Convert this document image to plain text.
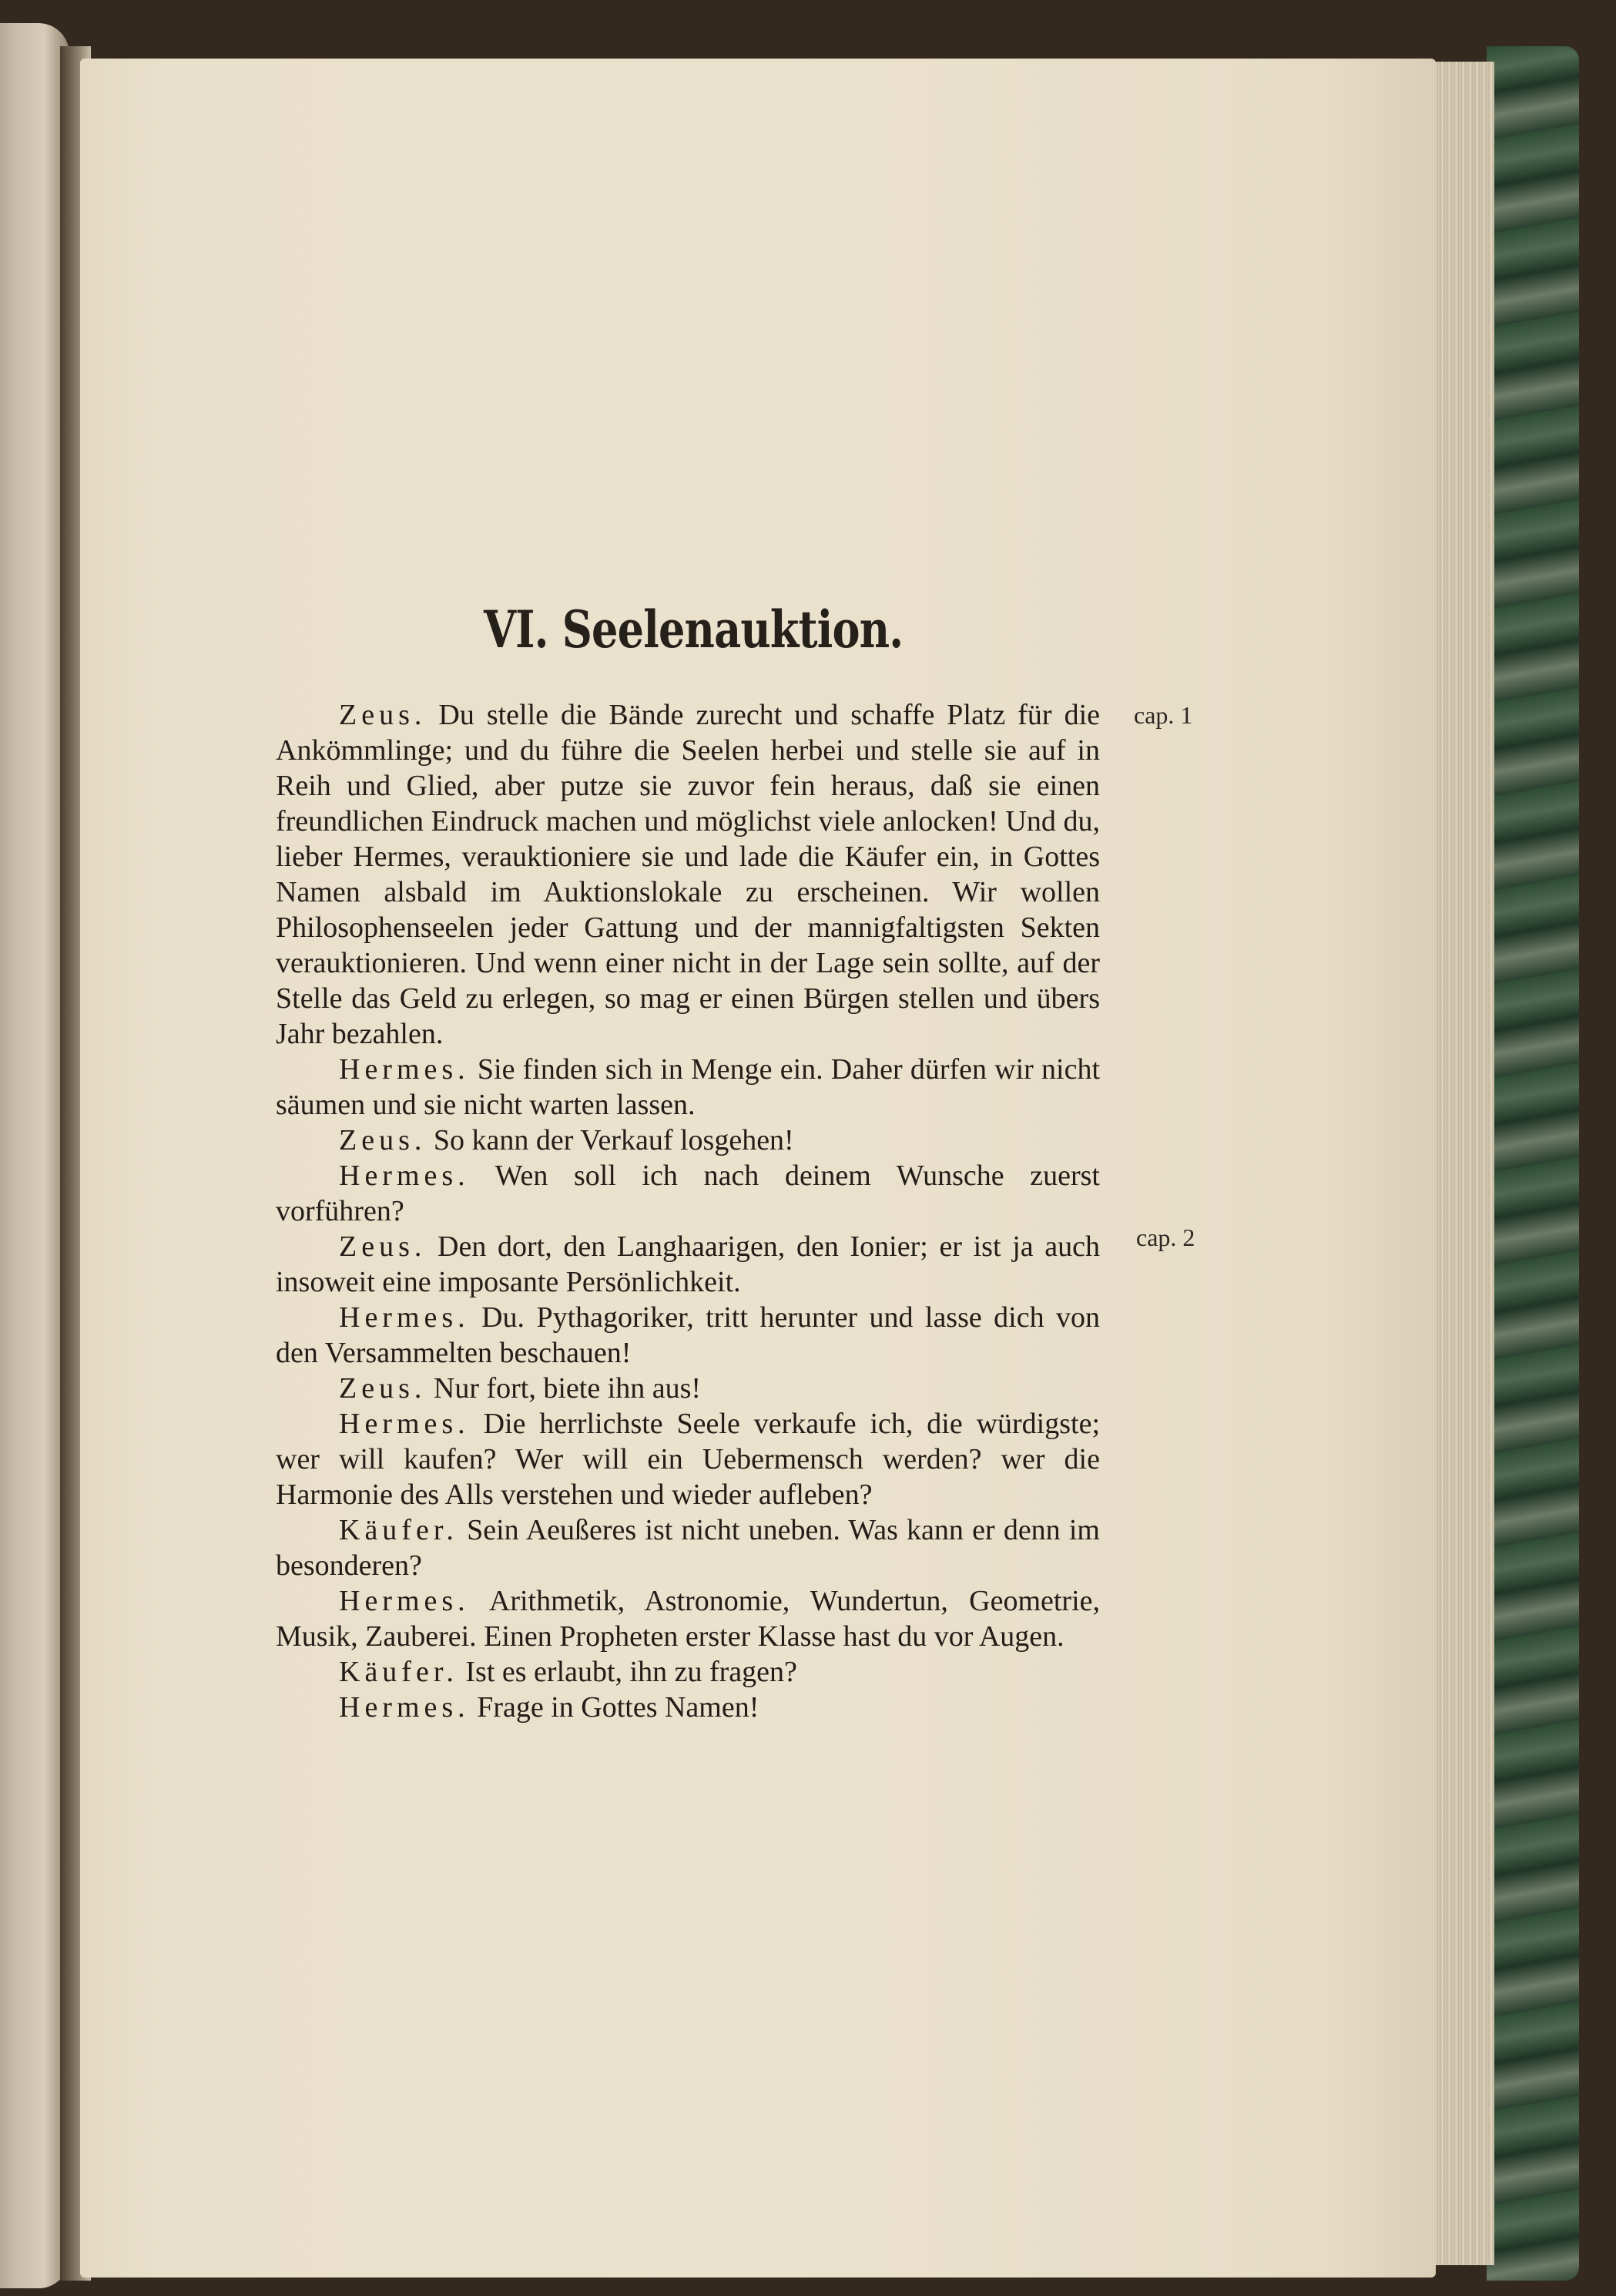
VI. Seelenauktion.
cap. 1
cap. 2

Zeus. Du stelle die Bände zurecht und schaffe Platz für die Ankömmlinge; und du führe die Seelen herbei und stelle sie auf in Reih und Glied, aber putze sie zuvor fein heraus, daß sie einen freundlichen Eindruck machen und möglichst viele anlocken! Und du, lieber Hermes, verauktioniere sie und lade die Käufer ein, in Gottes Namen alsbald im Auktionslokale zu erscheinen. Wir wollen Philosophenseelen jeder Gattung und der mannigfaltigsten Sekten verauktionieren. Und wenn einer nicht in der Lage sein sollte, auf der Stelle das Geld zu erlegen, so mag er einen Bürgen stellen und übers Jahr bezahlen.

Hermes. Sie finden sich in Menge ein. Daher dürfen wir nicht säumen und sie nicht warten lassen.

Zeus. So kann der Verkauf losgehen!

Hermes. Wen soll ich nach deinem Wunsche zuerst vorführen?

Zeus. Den dort, den Langhaarigen, den Ionier; er ist ja auch insoweit eine imposante Persönlichkeit.

Hermes. Du. Pythagoriker, tritt herunter und lasse dich von den Versammelten beschauen!

Zeus. Nur fort, biete ihn aus!

Hermes. Die herrlichste Seele verkaufe ich, die würdigste; wer will kaufen? Wer will ein Uebermensch werden? wer die Harmonie des Alls verstehen und wieder aufleben?

Käufer. Sein Aeußeres ist nicht uneben. Was kann er denn im besonderen?

Hermes. Arithmetik, Astronomie, Wundertun, Geometrie, Musik, Zauberei. Einen Propheten erster Klasse hast du vor Augen.

Käufer. Ist es erlaubt, ihn zu fragen?

Hermes. Frage in Gottes Namen!
